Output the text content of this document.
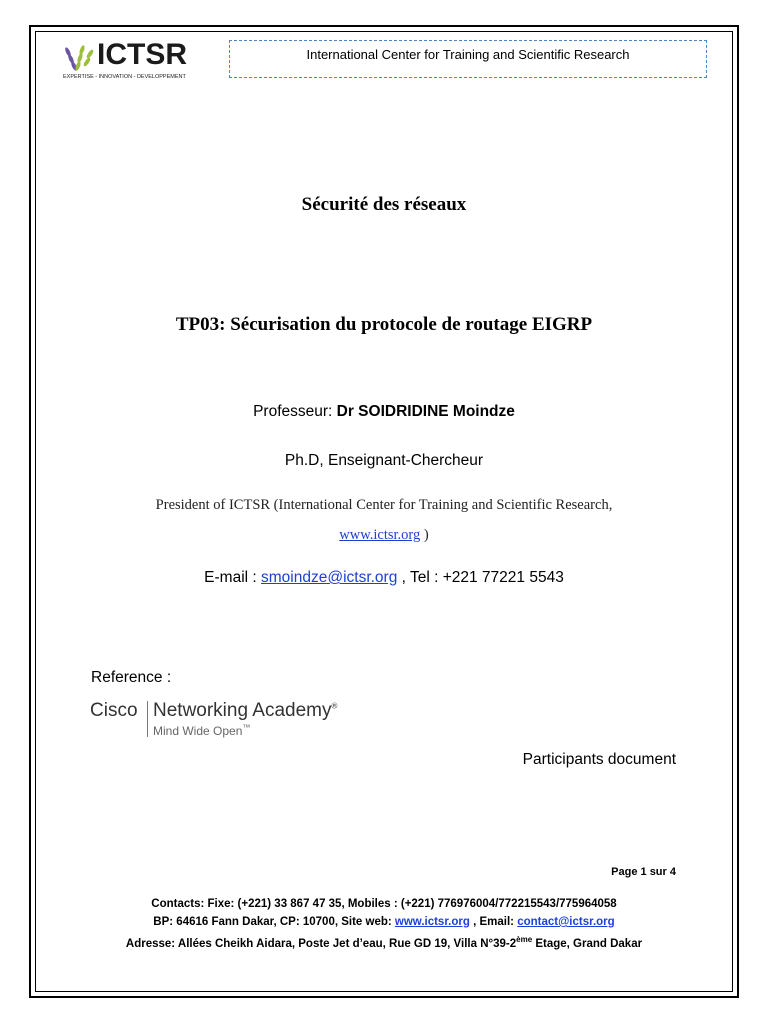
ICTSR
EXPERTISE - INNOVATION - DEVELOPPEMENT
International Center for Training and Scientific Research
Sécurité des réseaux
TP03: Sécurisation du protocole de routage EIGRP
Professeur: Dr SOIDRIDINE Moindze
Ph.D, Enseignant-Chercheur
President of ICTSR (International Center for Training and Scientific Research,
www.ictsr.org )
E-mail : smoindze@ictsr.org , Tel : +221 77221 5543
Reference :
Cisco Networking Academy®
Mind Wide Open™
Participants document
Page 1 sur 4
Contacts: Fixe: (+221) 33 867 47 35, Mobiles : (+221) 776976004/772215543/775964058
BP: 64616 Fann Dakar, CP: 10700, Site web: www.ictsr.org , Email: contact@ictsr.org
Adresse: Allées Cheikh Aidara, Poste Jet d’eau, Rue GD 19, Villa N°39-2ème Etage, Grand Dakar
